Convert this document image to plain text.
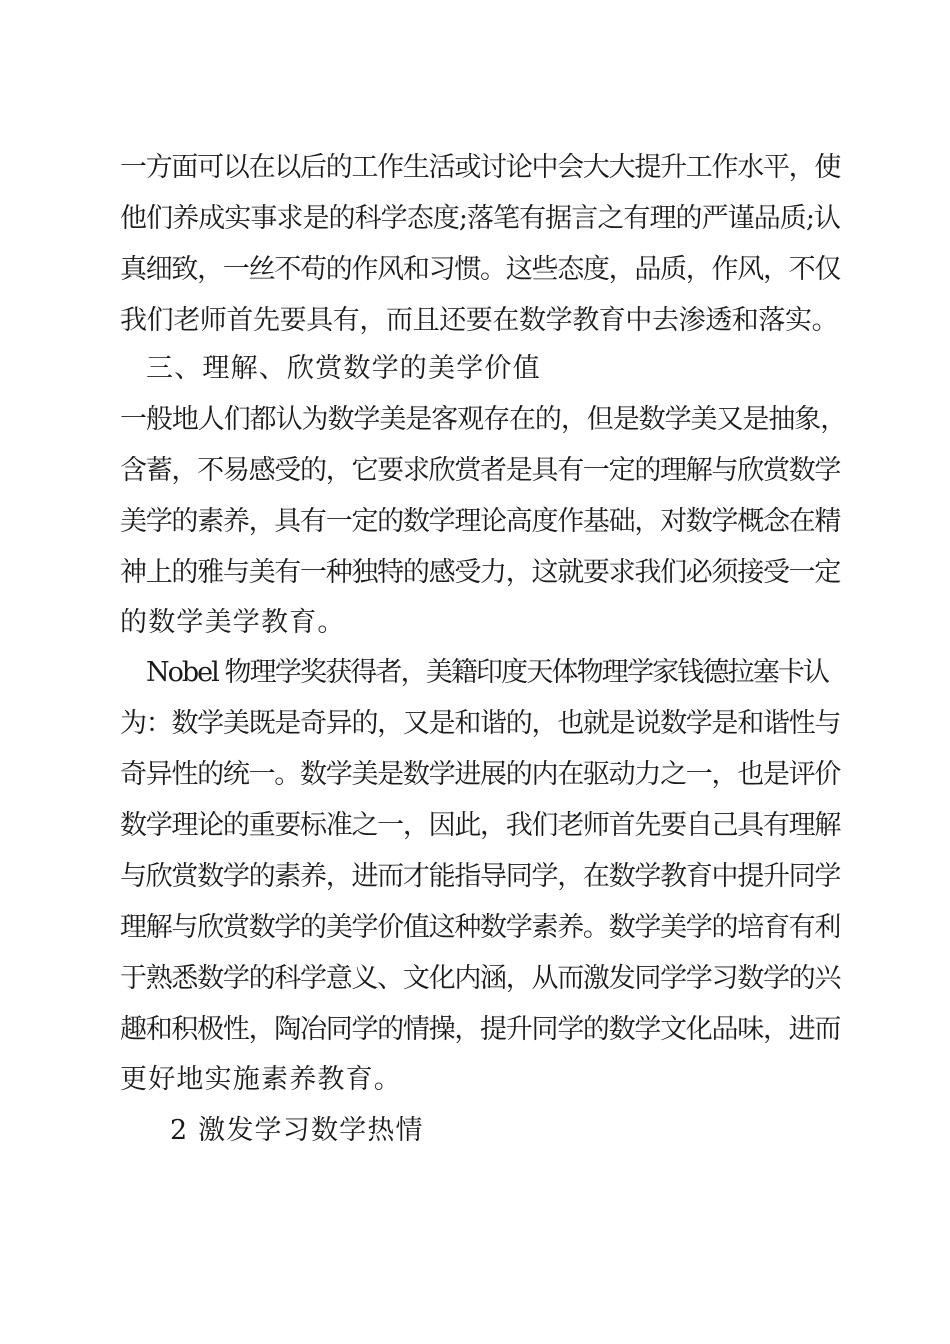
一方面可以在以后的工作生活或讨论中会大大提升工作水平，使
他们养成实事求是的科学态度;落笔有据言之有理的严谨品质;认
真细致，一丝不苟的作风和习惯。这些态度，品质，作风，不仅
我们老师首先要具有，而且还要在数学教育中去渗透和落实。
三、理解、欣赏数学的美学价值
一般地人们都认为数学美是客观存在的，但是数学美又是抽象，
含蓄，不易感受的，它要求欣赏者是具有一定的理解与欣赏数学
美学的素养，具有一定的数学理论高度作基础，对数学概念在精
神上的雅与美有一种独特的感受力，这就要求我们必须接受一定
的数学美学教育。
Nobel 物理学奖获得者，美籍印度天体物理学家钱德拉塞卡认
为：数学美既是奇异的，又是和谐的，也就是说数学是和谐性与
奇异性的统一。数学美是数学进展的内在驱动力之一，也是评价
数学理论的重要标准之一，因此，我们老师首先要自己具有理解
与欣赏数学的素养，进而才能指导同学，在数学教育中提升同学
理解与欣赏数学的美学价值这种数学素养。数学美学的培育有利
于熟悉数学的科学意义、文化内涵，从而激发同学学习数学的兴
趣和积极性，陶冶同学的情操，提升同学的数学文化品味，进而
更好地实施素养教育。
2 激发学习数学热情
